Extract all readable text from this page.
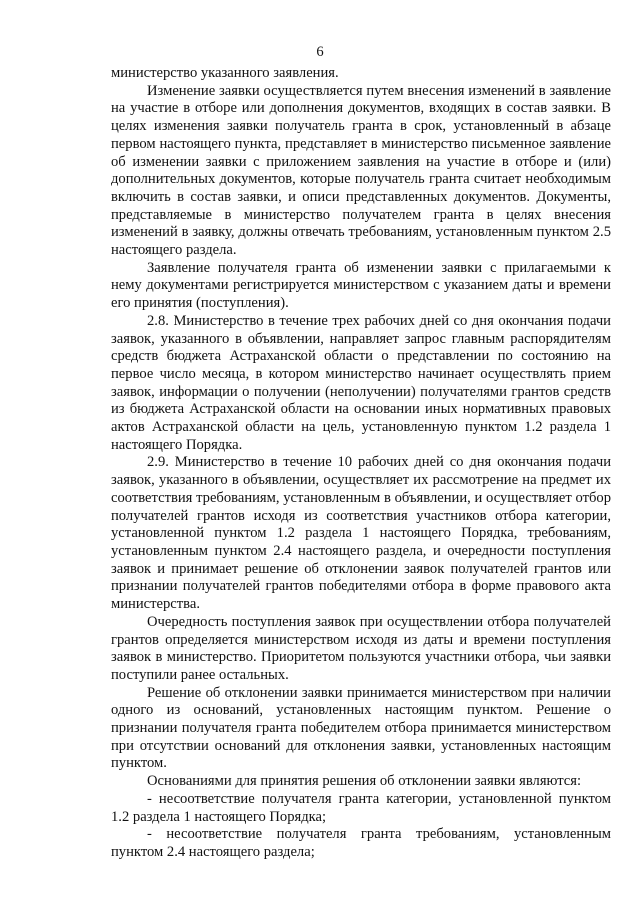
6

министерство указанного заявления.

Изменение заявки осуществляется путем внесения изменений в заявление на участие в отборе или дополнения документов, входящих в состав заявки. В целях изменения заявки получатель гранта в срок, установленный в абзаце первом настоящего пункта, представляет в министерство письменное заявление об изменении заявки с приложением заявления на участие в отборе и (или) дополнительных документов, которые получатель гранта считает необходимым включить в состав заявки, и описи представленных документов. Документы, представляемые в министерство получателем гранта в целях внесения изменений в заявку, должны отвечать требованиям, установленным пунктом 2.5 настоящего раздела.

Заявление получателя гранта об изменении заявки с прилагаемыми к нему документами регистрируется министерством с указанием даты и времени его принятия (поступления).

2.8. Министерство в течение трех рабочих дней со дня окончания подачи заявок, указанного в объявлении, направляет запрос главным распорядителям средств бюджета Астраханской области о представлении по состоянию на первое число месяца, в котором министерство начинает осуществлять прием заявок, информации о получении (неполучении) получателями грантов средств из бюджета Астраханской области на основании иных нормативных правовых актов Астраханской области на цель, установленную пунктом 1.2 раздела 1 настоящего Порядка.

2.9. Министерство в течение 10 рабочих дней со дня окончания подачи заявок, указанного в объявлении, осуществляет их рассмотрение на предмет их соответствия требованиям, установленным в объявлении, и осуществляет отбор получателей грантов исходя из соответствия участников отбора категории, установленной пунктом 1.2 раздела 1 настоящего Порядка, требованиям, установленным пунктом 2.4 настоящего раздела, и очередности поступления заявок и принимает решение об отклонении заявок получателей грантов или признании получателей грантов победителями отбора в форме правового акта министерства.

Очередность поступления заявок при осуществлении отбора получателей грантов определяется министерством исходя из даты и времени поступления заявок в министерство. Приоритетом пользуются участники отбора, чьи заявки поступили ранее остальных.

Решение об отклонении заявки принимается министерством при наличии одного из оснований, установленных настоящим пунктом. Решение о признании получателя гранта победителем отбора принимается министерством при отсутствии оснований для отклонения заявки, установленных настоящим пунктом.

Основаниями для принятия решения об отклонении заявки являются:

- несоответствие получателя гранта категории, установленной пунктом 1.2 раздела 1 настоящего Порядка;

- несоответствие получателя гранта требованиям, установленным пунктом 2.4 настоящего раздела;
